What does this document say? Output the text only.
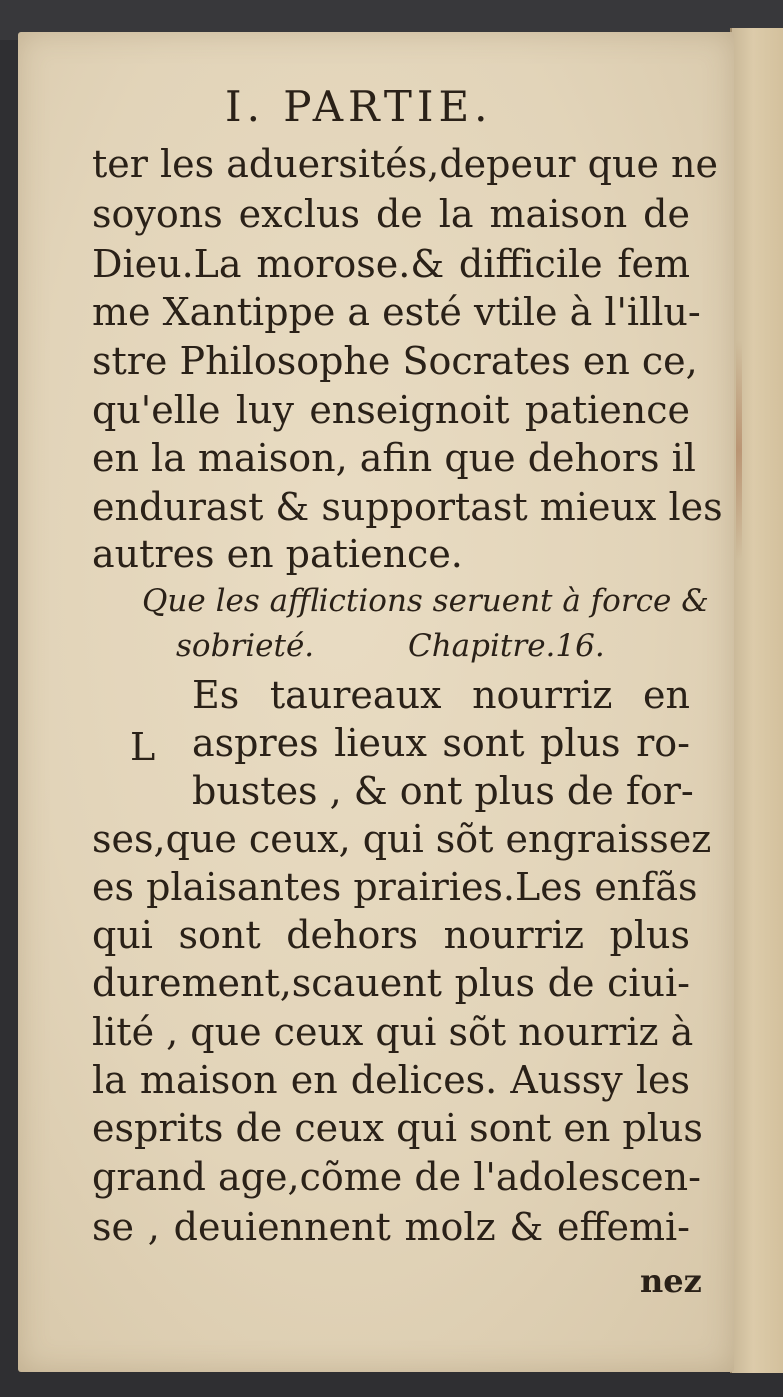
I. PARTIE.
ter les aduersités,depeur que ne
soyons exclus de la maison de
Dieu.La morose.& difficile fem
me Xantippe a esté vtile à l'illu-
stre Philosophe Socrates en ce,
qu'elle luy enseignoit patience
en la maison, afin que dehors il
endurast & supportast mieux les
autres en patience.
Que les afflictions seruent à force &
sobrieté.	Chapitre.16.
L
Es taureaux nourriz en
aspres lieux sont plus ro-
bustes , & ont plus de for-
ses,que ceux, qui sõt engraissez
es plaisantes prairies.Les enfãs
qui sont dehors nourriz plus
durement,scauent plus de ciui-
lité , que ceux qui sõt nourriz à
la maison en delices. Aussy les
esprits de ceux qui sont en plus
grand age,cõme de l'adolescen-
se , deuiennent molz & effemi-
nez
